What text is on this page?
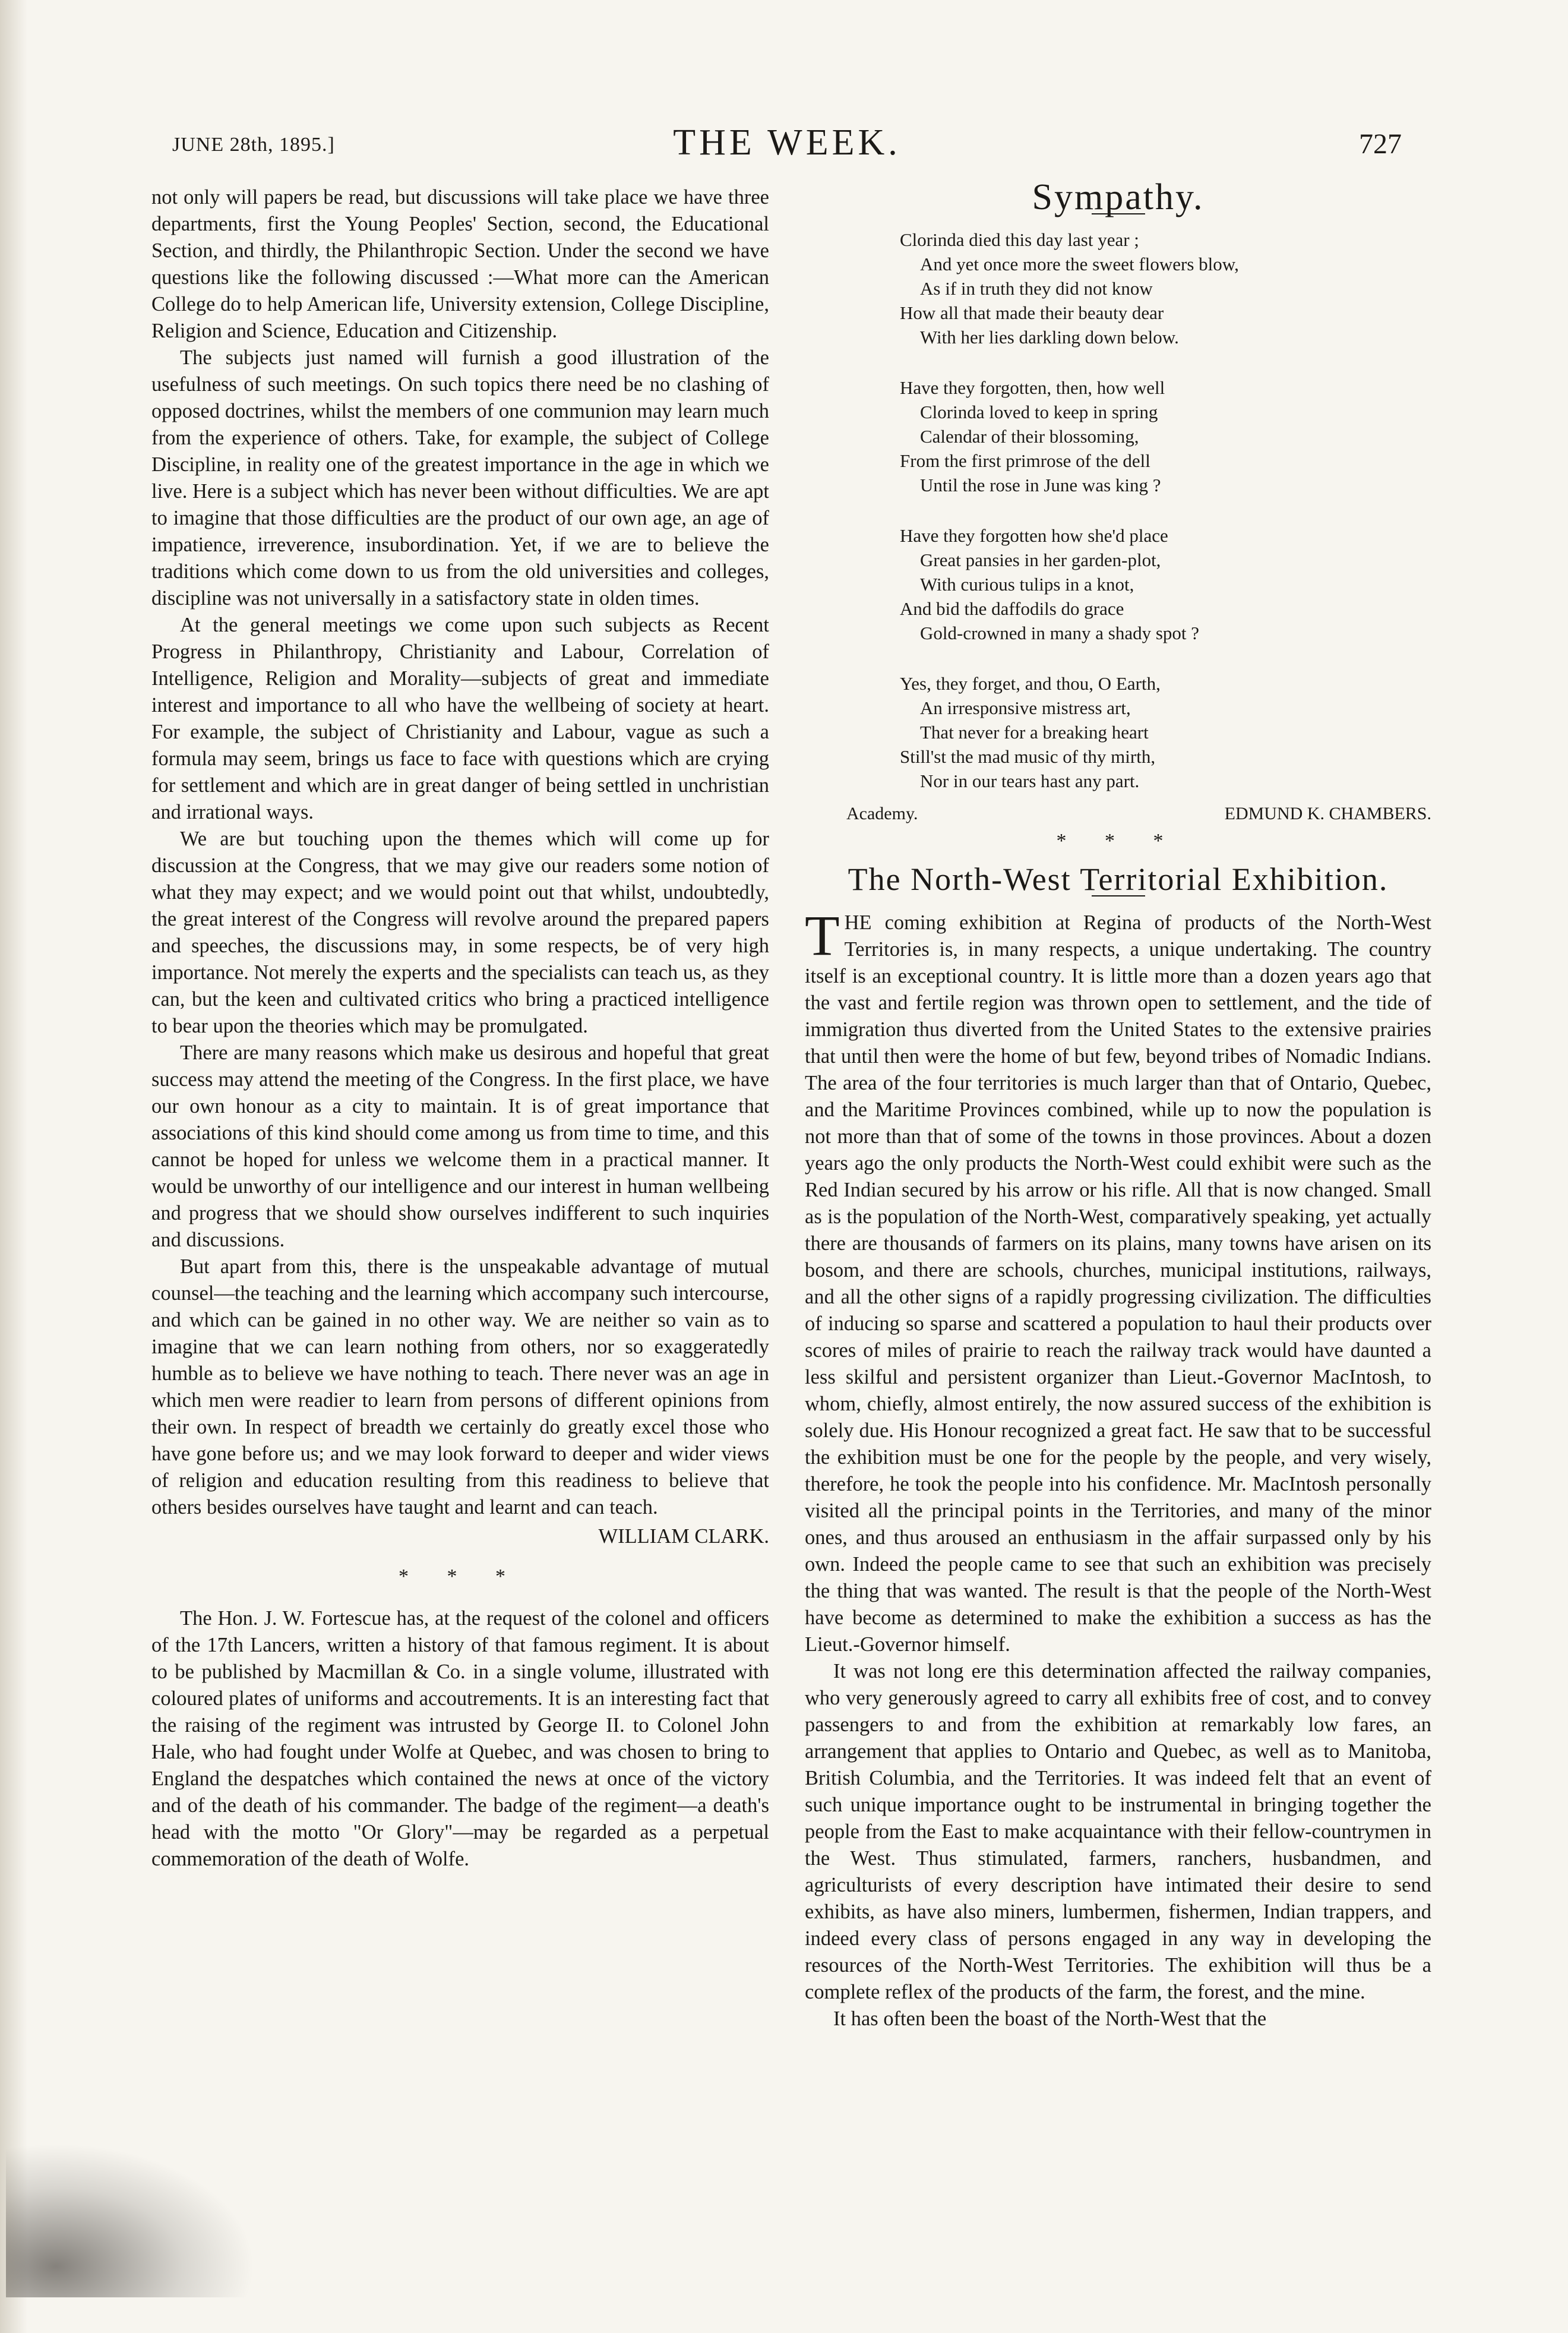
JUNE 28th, 1895.]	THE WEEK.	727

not only will papers be read, but discussions will take place we have three departments, first the Young Peoples' Section, second, the Educational Section, and thirdly, the Philanthropic Section. Under the second we have questions like the following discussed :—What more can the American College do to help American life, University extension, College Discipline, Religion and Science, Education and Citizenship.

The subjects just named will furnish a good illustration of the usefulness of such meetings. On such topics there need be no clashing of opposed doctrines, whilst the members of one communion may learn much from the experience of others. Take, for example, the subject of College Discipline, in reality one of the greatest importance in the age in which we live. Here is a subject which has never been without difficulties. We are apt to imagine that those difficulties are the product of our own age, an age of impatience, irreverence, insubordination. Yet, if we are to believe the traditions which come down to us from the old universities and colleges, discipline was not universally in a satisfactory state in olden times.

At the general meetings we come upon such subjects as Recent Progress in Philanthropy, Christianity and Labour, Correlation of Intelligence, Religion and Morality—subjects of great and immediate interest and importance to all who have the wellbeing of society at heart. For example, the subject of Christianity and Labour, vague as such a formula may seem, brings us face to face with questions which are crying for settlement and which are in great danger of being settled in unchristian and irrational ways.

We are but touching upon the themes which will come up for discussion at the Congress, that we may give our readers some notion of what they may expect; and we would point out that whilst, undoubtedly, the great interest of the Congress will revolve around the prepared papers and speeches, the discussions may, in some respects, be of very high importance. Not merely the experts and the specialists can teach us, as they can, but the keen and cultivated critics who bring a practiced intelligence to bear upon the theories which may be promulgated.

There are many reasons which make us desirous and hopeful that great success may attend the meeting of the Congress. In the first place, we have our own honour as a city to maintain. It is of great importance that associations of this kind should come among us from time to time, and this cannot be hoped for unless we welcome them in a practical manner. It would be unworthy of our intelligence and our interest in human wellbeing and progress that we should show ourselves indifferent to such inquiries and discussions.

But apart from this, there is the unspeakable advantage of mutual counsel—the teaching and the learning which accompany such intercourse, and which can be gained in no other way. We are neither so vain as to imagine that we can learn nothing from others, nor so exaggeratedly humble as to believe we have nothing to teach. There never was an age in which men were readier to learn from persons of different opinions from their own. In respect of breadth we certainly do greatly excel those who have gone before us; and we may look forward to deeper and wider views of religion and education resulting from this readiness to believe that others besides ourselves have taught and learnt and can teach.

WILLIAM CLARK.
* * *

The Hon. J. W. Fortescue has, at the request of the colonel and officers of the 17th Lancers, written a history of that famous regiment. It is about to be published by Macmillan & Co. in a single volume, illustrated with coloured plates of uniforms and accoutrements. It is an interesting fact that the raising of the regiment was intrusted by George II. to Colonel John Hale, who had fought under Wolfe at Quebec, and was chosen to bring to England the despatches which contained the news at once of the victory and of the death of his commander. The badge of the regiment—a death's head with the motto "Or Glory"—may be regarded as a perpetual commemoration of the death of Wolfe.

Sympathy.
Clorinda died this day last year ;
And yet once more the sweet flowers blow,
As if in truth they did not know
How all that made their beauty dear
With her lies darkling down below.
Have they forgotten, then, how well
Clorinda loved to keep in spring
Calendar of their blossoming,
From the first primrose of the dell
Until the rose in June was king ?
Have they forgotten how she'd place
Great pansies in her garden-plot,
With curious tulips in a knot,
And bid the daffodils do grace
Gold-crowned in many a shady spot ?
Yes, they forget, and thou, O Earth,
An irresponsive mistress art,
That never for a breaking heart
Still'st the mad music of thy mirth,
Nor in our tears hast any part.
Academy.	EDMUND K. CHAMBERS.
* * *
The North-West Territorial Exhibition.

THE coming exhibition at Regina of products of the North-West Territories is, in many respects, a unique undertaking. The country itself is an exceptional country. It is little more than a dozen years ago that the vast and fertile region was thrown open to settlement, and the tide of immigration thus diverted from the United States to the extensive prairies that until then were the home of but few, beyond tribes of Nomadic Indians. The area of the four territories is much larger than that of Ontario, Quebec, and the Maritime Provinces combined, while up to now the population is not more than that of some of the towns in those provinces. About a dozen years ago the only products the North-West could exhibit were such as the Red Indian secured by his arrow or his rifle. All that is now changed. Small as is the population of the North-West, comparatively speaking, yet actually there are thousands of farmers on its plains, many towns have arisen on its bosom, and there are schools, churches, municipal institutions, railways, and all the other signs of a rapidly progressing civilization. The difficulties of inducing so sparse and scattered a population to haul their products over scores of miles of prairie to reach the railway track would have daunted a less skilful and persistent organizer than Lieut.-Governor MacIntosh, to whom, chiefly, almost entirely, the now assured success of the exhibition is solely due. His Honour recognized a great fact. He saw that to be successful the exhibition must be one for the people by the people, and very wisely, therefore, he took the people into his confidence. Mr. MacIntosh personally visited all the principal points in the Territories, and many of the minor ones, and thus aroused an enthusiasm in the affair surpassed only by his own. Indeed the people came to see that such an exhibition was precisely the thing that was wanted. The result is that the people of the North-West have become as determined to make the exhibition a success as has the Lieut.-Governor himself.

It was not long ere this determination affected the railway companies, who very generously agreed to carry all exhibits free of cost, and to convey passengers to and from the exhibition at remarkably low fares, an arrangement that applies to Ontario and Quebec, as well as to Manitoba, British Columbia, and the Territories. It was indeed felt that an event of such unique importance ought to be instrumental in bringing together the people from the East to make acquaintance with their fellow-countrymen in the West. Thus stimulated, farmers, ranchers, husbandmen, and agriculturists of every description have intimated their desire to send exhibits, as have also miners, lumbermen, fishermen, Indian trappers, and indeed every class of persons engaged in any way in developing the resources of the North-West Territories. The exhibition will thus be a complete reflex of the products of the farm, the forest, and the mine.

It has often been the boast of the North-West that the
